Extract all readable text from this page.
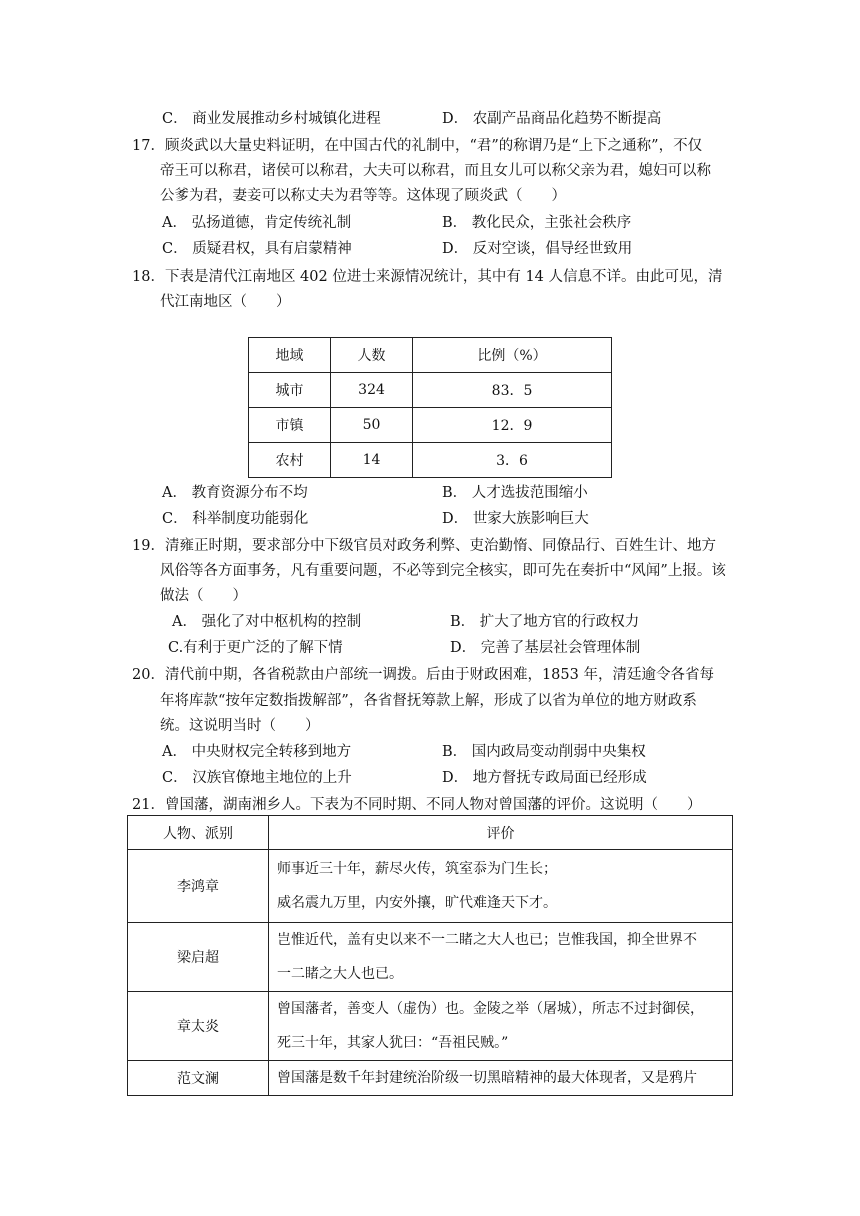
C． 商业发展推动乡村城镇化进程	D． 农副产品商品化趋势不断提高
17．顾炎武以大量史料证明，在中国古代的礼制中，“君”的称谓乃是“上下之通称”，不仅
帝王可以称君，诸侯可以称君，大夫可以称君，而且女儿可以称父亲为君，媳妇可以称
公爹为君，妻妾可以称丈夫为君等等。这体现了顾炎武（　　）
A． 弘扬道德，肯定传统礼制	B． 教化民众，主张社会秩序
C． 质疑君权，具有启蒙精神	D． 反对空谈，倡导经世致用
18．下表是清代江南地区 402 位进士来源情况统计，其中有 14 人信息不详。由此可见，清
代江南地区（　　）
地域	人数	比例（%）
城市	324	83．5
市镇	50	12．9
农村	14	3．6
A． 教育资源分布不均	B． 人才选拔范围缩小
C． 科举制度功能弱化	D． 世家大族影响巨大
19．清雍正时期，要求部分中下级官员对政务利弊、吏治勤惰、同僚品行、百姓生计、地方
风俗等各方面事务，凡有重要问题，不必等到完全核实，即可先在奏折中“风闻”上报。该
做法（　　）
A． 强化了对中枢机构的控制	B． 扩大了地方官的行政权力
C.有利于更广泛的了解下情	D． 完善了基层社会管理体制
20．清代前中期，各省税款由户部统一调拨。后由于财政困难，1853 年，清廷逾令各省每
年将库款“按年定数指拨解部”，各省督抚筹款上解，形成了以省为单位的地方财政系
统。这说明当时（　　）
A． 中央财权完全转移到地方	B． 国内政局变动削弱中央集权
C． 汉族官僚地主地位的上升	D． 地方督抚专政局面已经形成
21．曾国藩，湖南湘乡人。下表为不同时期、不同人物对曾国藩的评价。这说明（　　）
人物、派别	评价
李鸿章	师事近三十年，薪尽火传，筑室忝为门生长；
威名震九万里，内安外攘，旷代难逢天下才。

梁启超	岂惟近代，盖有史以来不一二睹之大人也已；岂惟我国，抑全世界不
一二睹之大人也已。

章太炎	曾国藩者，善变人（虚伪）也。金陵之举（屠城），所志不过封御侯，
死三十年，其家人犹曰：“吾祖民贼。”

范文澜	曾国藩是数千年封建统治阶级一切黑暗精神的最大体现者，又是鸦片
